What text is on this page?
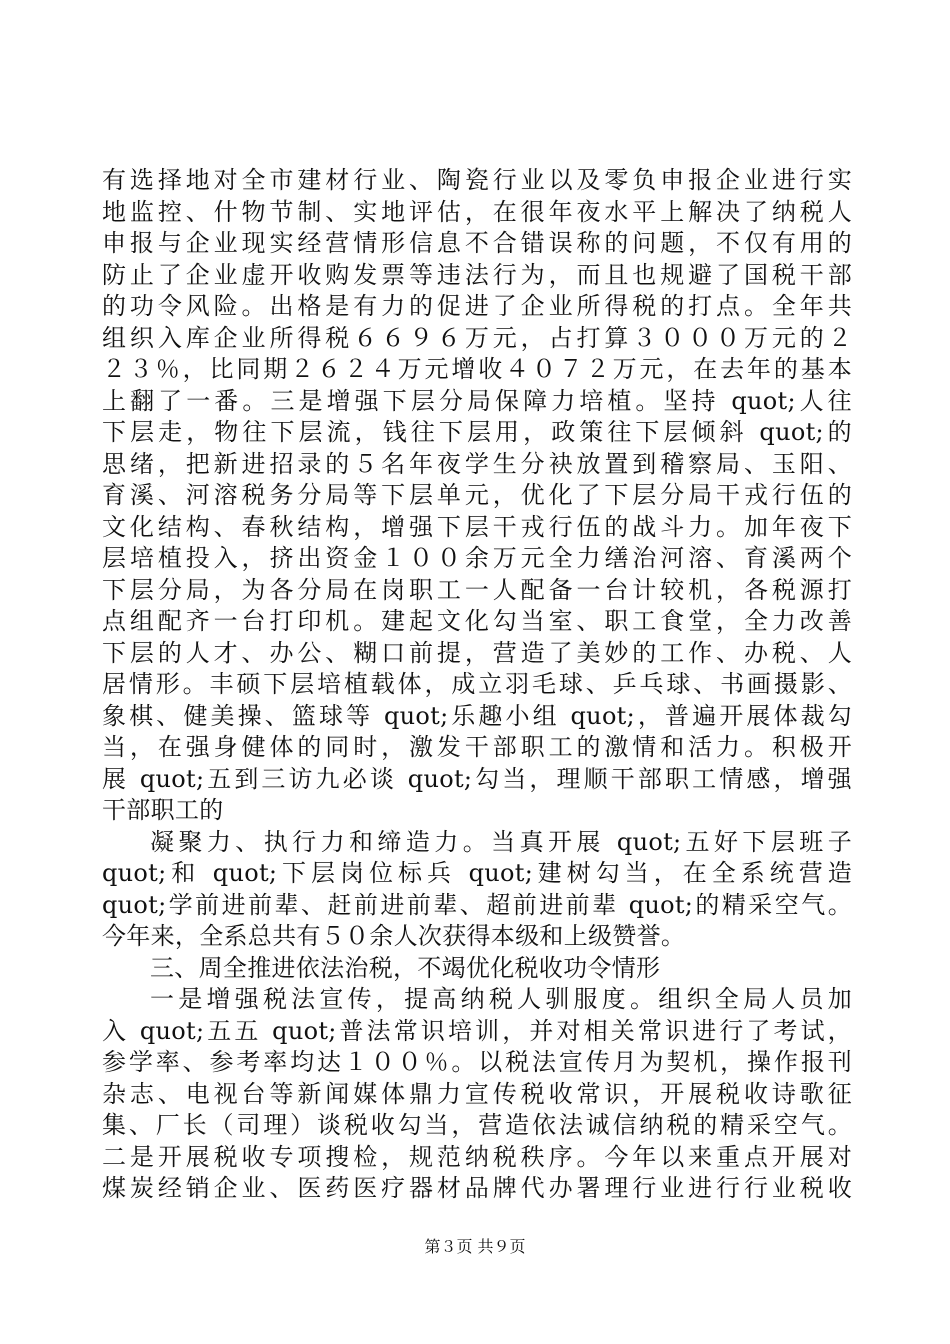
有选择地对全市建材行业、陶瓷行业以及零负申报企业进行实
地监控、什物节制、实地评估，在很年夜水平上解决了纳税人
申报与企业现实经营情形信息不合错误称的问题，不仅有用的
防止了企业虚开收购发票等违法行为，而且也规避了国税干部
的功令风险。出格是有力的促进了企业所得税的打点。全年共
组织入库企业所得税６６９６万元，占打算３０００万元的２
２３％，比同期２６２４万元增收４０７２万元，在去年的基本
上翻了一番。三是增强下层分局保障力培植。坚持 quot;人往
下层走，物往下层流，钱往下层用，政策往下层倾斜 quot;的
思绪，把新进招录的５名年夜学生分袂放置到稽察局、玉阳、
育溪、河溶税务分局等下层单元，优化了下层分局干戎行伍的
文化结构、春秋结构，增强下层干戎行伍的战斗力。加年夜下
层培植投入，挤出资金１００余万元全力缮治河溶、育溪两个
下层分局，为各分局在岗职工一人配备一台计较机，各税源打
点组配齐一台打印机。建起文化勾当室、职工食堂，全力改善
下层的人才、办公、糊口前提，营造了美妙的工作、办税、人
居情形。丰硕下层培植载体，成立羽毛球、乒乓球、书画摄影、
象棋、健美操、篮球等 quot;乐趣小组 quot;，普遍开展体裁勾
当，在强身健体的同时，激发干部职工的激情和活力。积极开
展 quot;五到三访九必谈 quot;勾当，理顺干部职工情感，增强
干部职工的
凝聚力、执行力和缔造力。当真开展 quot;五好下层班子
quot;和 quot;下层岗位标兵 quot;建树勾当，在全系统营造
quot;学前进前辈、赶前进前辈、超前进前辈 quot;的精采空气。
今年来，全系总共有５０余人次获得本级和上级赞誉。
三、周全推进依法治税，不竭优化税收功令情形
一是增强税法宣传，提高纳税人驯服度。组织全局人员加
入 quot;五五 quot;普法常识培训，并对相关常识进行了考试，
参学率、参考率均达１００％。以税法宣传月为契机，操作报刊
杂志、电视台等新闻媒体鼎力宣传税收常识，开展税收诗歌征
集、厂长（司理）谈税收勾当，营造依法诚信纳税的精采空气。
二是开展税收专项搜检，规范纳税秩序。今年以来重点开展对
煤炭经销企业、医药医疗器材品牌代办署理行业进行行业税收
第３页 共９页
